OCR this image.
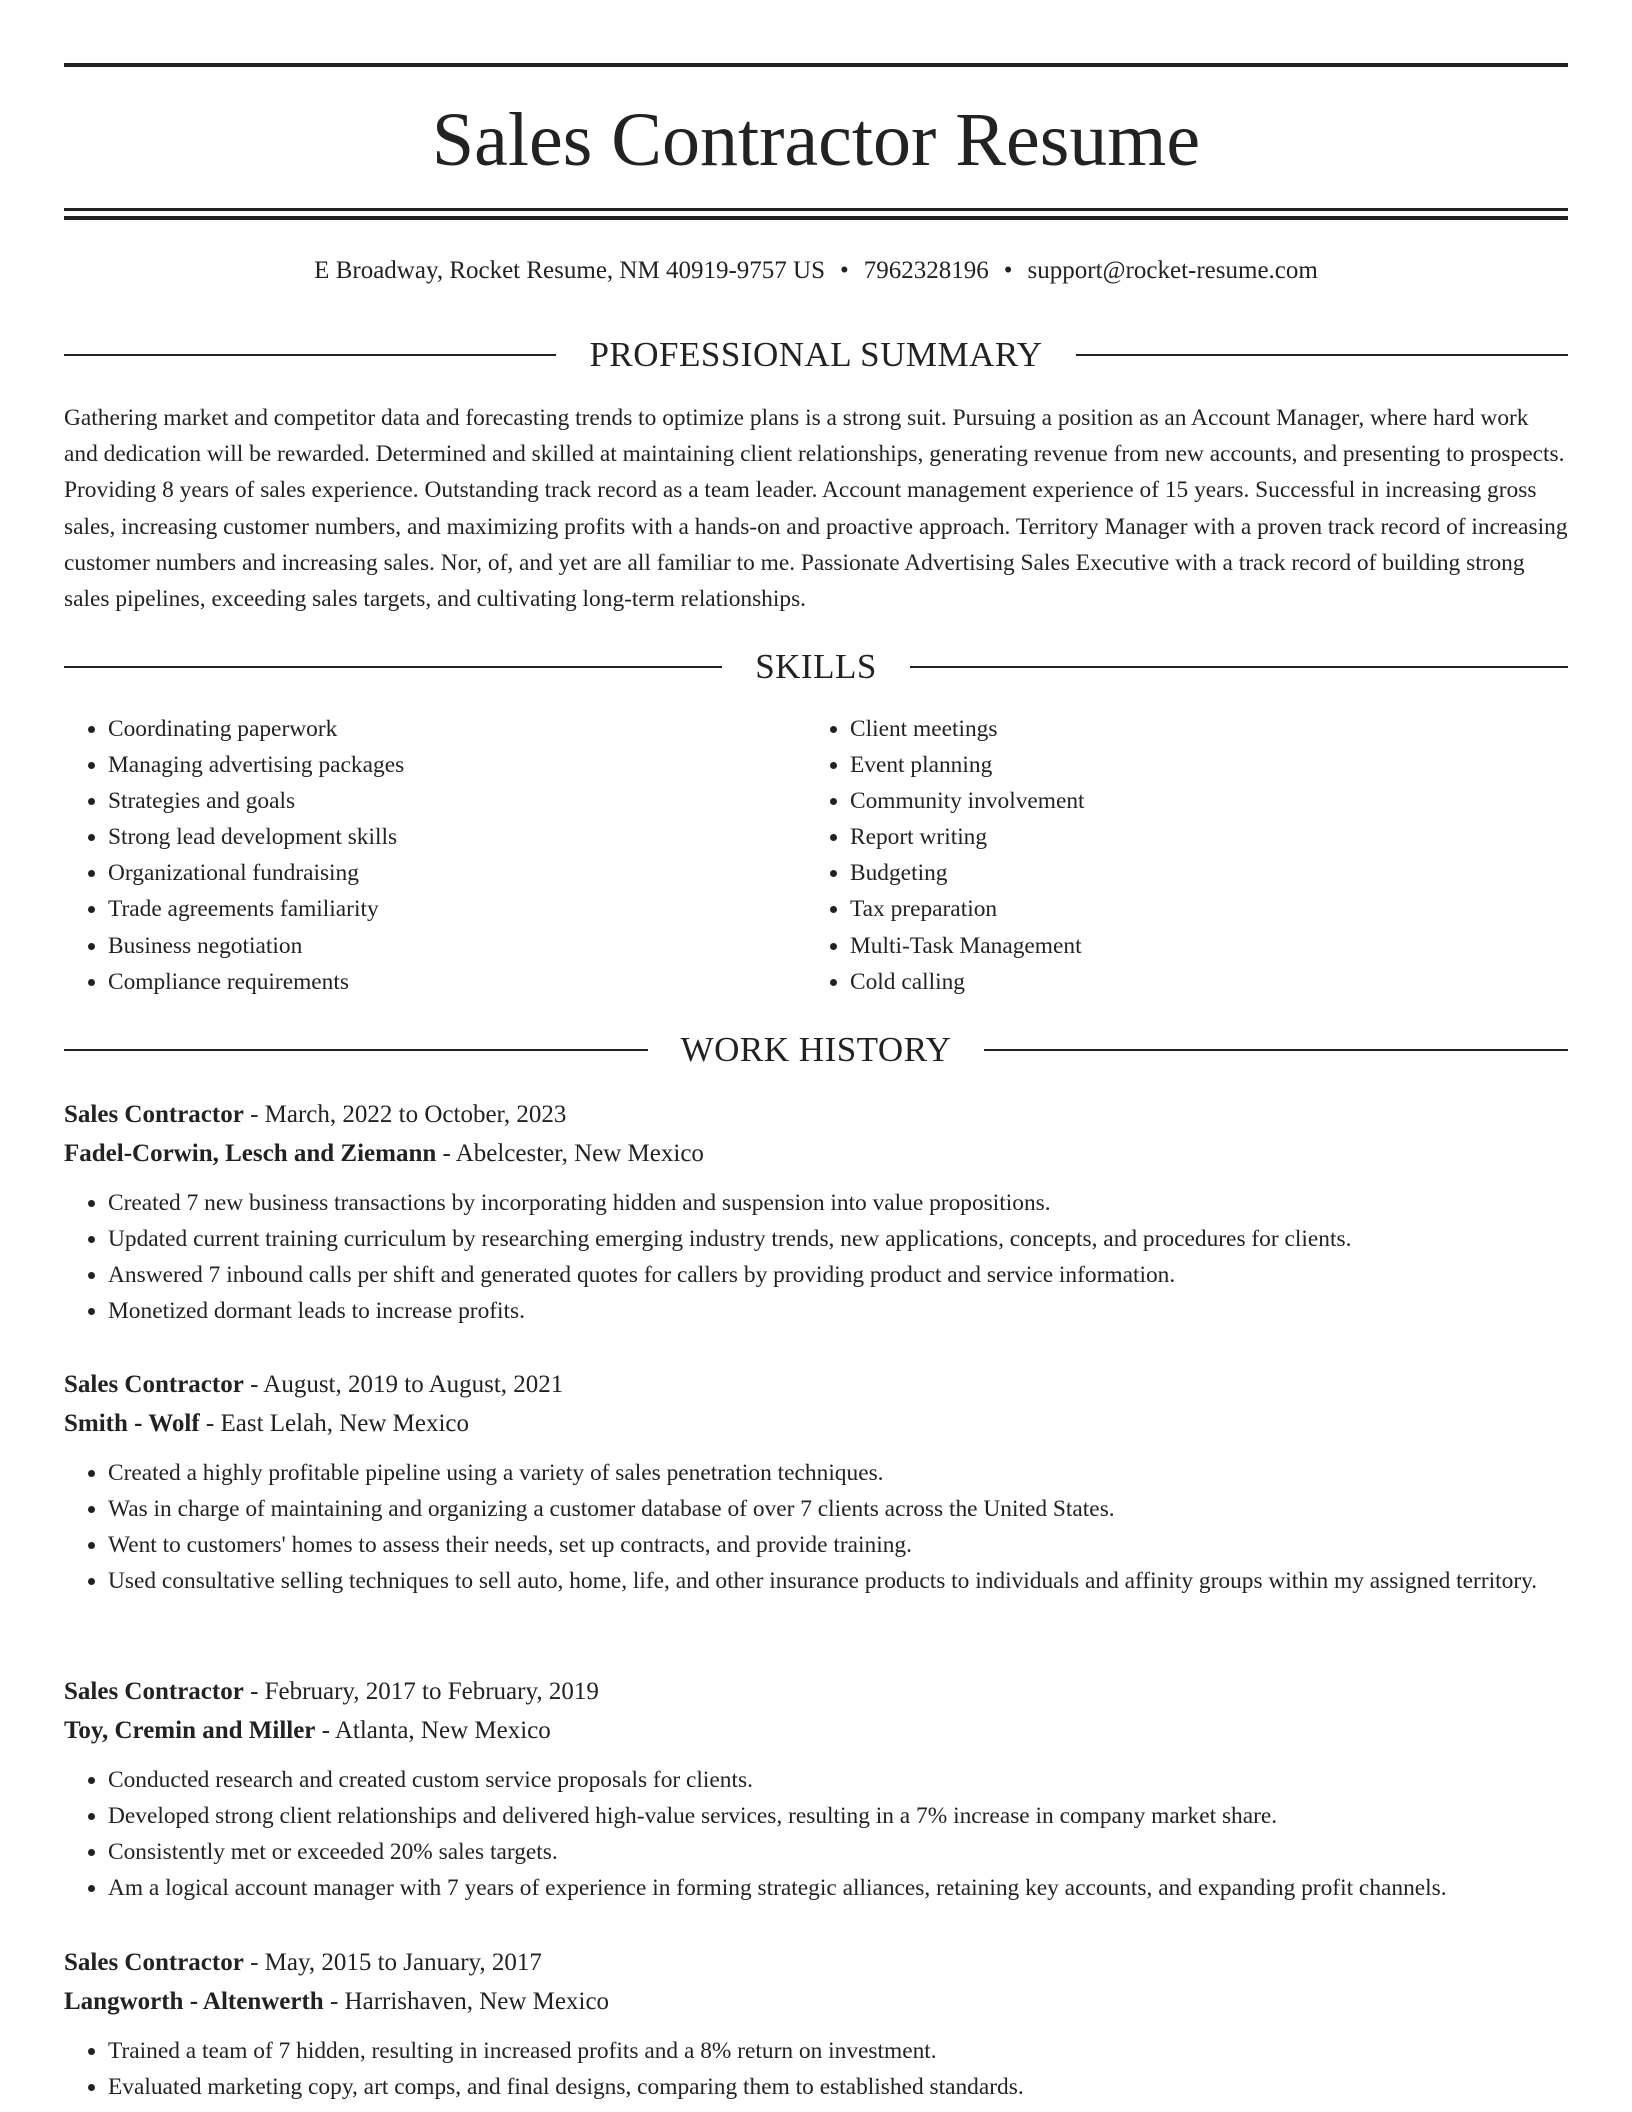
Sales Contractor Resume
E Broadway, Rocket Resume, NM 40919-9757 US • 7962328196 • support@rocket-resume.com
PROFESSIONAL SUMMARY
Gathering market and competitor data and forecasting trends to optimize plans is a strong suit. Pursuing a position as an Account Manager, where hard work and dedication will be rewarded. Determined and skilled at maintaining client relationships, generating revenue from new accounts, and presenting to prospects. Providing 8 years of sales experience. Outstanding track record as a team leader. Account management experience of 15 years. Successful in increasing gross sales, increasing customer numbers, and maximizing profits with a hands-on and proactive approach. Territory Manager with a proven track record of increasing customer numbers and increasing sales. Nor, of, and yet are all familiar to me. Passionate Advertising Sales Executive with a track record of building strong sales pipelines, exceeding sales targets, and cultivating long-term relationships.
SKILLS
• Coordinating paperwork
• Managing advertising packages
• Strategies and goals
• Strong lead development skills
• Organizational fundraising
• Trade agreements familiarity
• Business negotiation
• Compliance requirements
• Client meetings
• Event planning
• Community involvement
• Report writing
• Budgeting
• Tax preparation
• Multi-Task Management
• Cold calling
WORK HISTORY
Sales Contractor - March, 2022 to October, 2023
Fadel-Corwin, Lesch and Ziemann - Abelcester, New Mexico
• Created 7 new business transactions by incorporating hidden and suspension into value propositions.
• Updated current training curriculum by researching emerging industry trends, new applications, concepts, and procedures for clients.
• Answered 7 inbound calls per shift and generated quotes for callers by providing product and service information.
• Monetized dormant leads to increase profits.
Sales Contractor - August, 2019 to August, 2021
Smith - Wolf - East Lelah, New Mexico
• Created a highly profitable pipeline using a variety of sales penetration techniques.
• Was in charge of maintaining and organizing a customer database of over 7 clients across the United States.
• Went to customers' homes to assess their needs, set up contracts, and provide training.
• Used consultative selling techniques to sell auto, home, life, and other insurance products to individuals and affinity groups within my assigned territory.
Sales Contractor - February, 2017 to February, 2019
Toy, Cremin and Miller - Atlanta, New Mexico
• Conducted research and created custom service proposals for clients.
• Developed strong client relationships and delivered high-value services, resulting in a 7% increase in company market share.
• Consistently met or exceeded 20% sales targets.
• Am a logical account manager with 7 years of experience in forming strategic alliances, retaining key accounts, and expanding profit channels.
Sales Contractor - May, 2015 to January, 2017
Langworth - Altenwerth - Harrishaven, New Mexico
• Trained a team of 7 hidden, resulting in increased profits and a 8% return on investment.
• Evaluated marketing copy, art comps, and final designs, comparing them to established standards.
